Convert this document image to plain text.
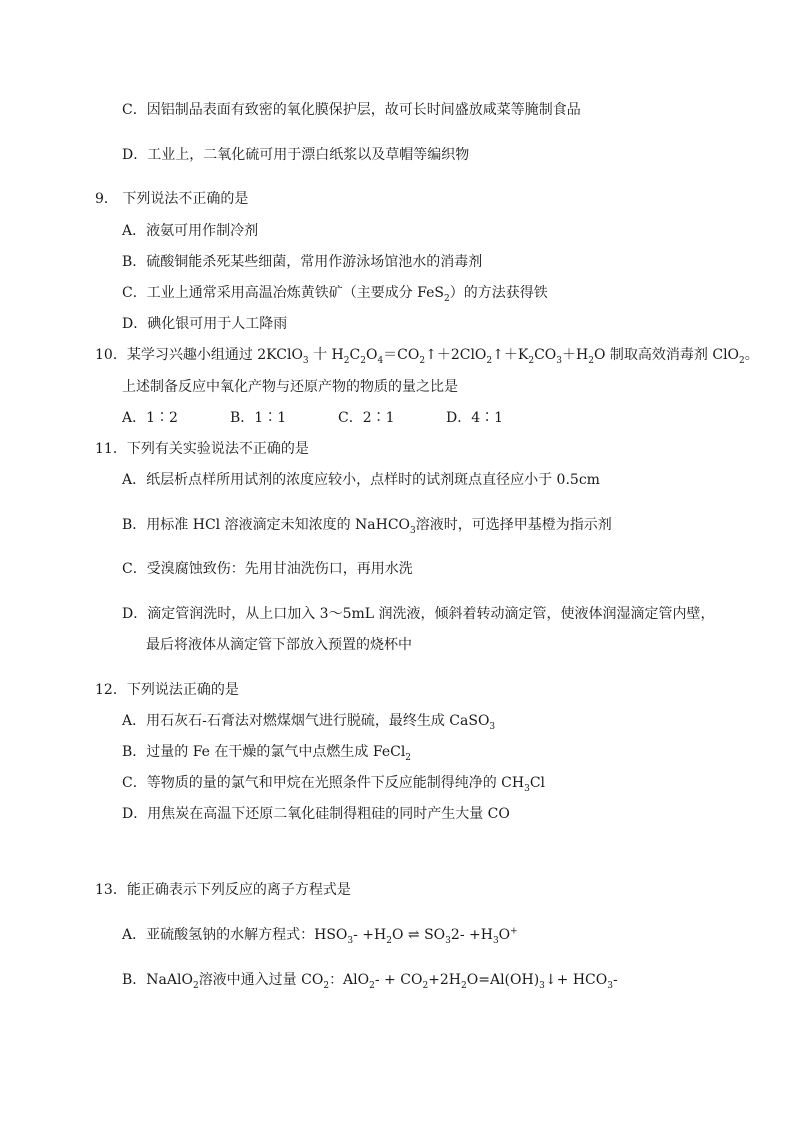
C．因铝制品表面有致密的氧化膜保护层，故可长时间盛放咸菜等腌制食品
D．工业上，二氧化硫可用于漂白纸浆以及草帽等编织物
9． 下列说法不正确的是
A．液氨可用作制冷剂
B．硫酸铜能杀死某些细菌，常用作游泳场馆池水的消毒剂
C．工业上通常采用高温冶炼黄铁矿（主要成分 FeS$_2$）的方法获得铁
D．碘化银可用于人工降雨
10．某学习兴趣小组通过 2KClO$_3$ 十 $H_2C_2O_4=CO_2↑+2ClO_2↑+K_2CO_3+H_2O$ 制取高效消毒剂 ClO$_2$。
上述制备反应中氧化产物与还原产物的物质的量之比是
A．1∶2	B．1∶1	C．2∶1	D．4∶1
11．下列有关实验说法不正确的是
A．纸层析点样所用试剂的浓度应较小，点样时的试剂斑点直径应小于 0.5cm
B．用标准 HCl 溶液滴定未知浓度的 NaHCO$_3$溶液时，可选择甲基橙为指示剂
C．受溴腐蚀致伤：先用甘油洗伤口，再用水洗
D．滴定管润洗时，从上口加入 3～5mL 润洗液，倾斜着转动滴定管，使液体润湿滴定管内壁，
最后将液体从滴定管下部放入预置的烧杯中
12．下列说法正确的是
A．用石灰石-石膏法对燃煤烟气进行脱硫，最终生成 CaSO$_3$
B．过量的 Fe 在干燥的氯气中点燃生成 FeCl$_2$
C．等物质的量的氯气和甲烷在光照条件下反应能制得纯净的 $CH_3Cl$
D．用焦炭在高温下还原二氧化硅制得粗硅的同时产生大量 CO
13．能正确表示下列反应的离子方程式是
A．亚硫酸氢钠的水解方程式：$HSO_3- +H_2O$ ⇌ $SO_32- +H_3O^+$
B．NaAlO$_2$溶液中通入过量 $CO_2$：$AlO_2- + CO_2+2H_2O=Al(OH)_3↓+ HCO_3-$
